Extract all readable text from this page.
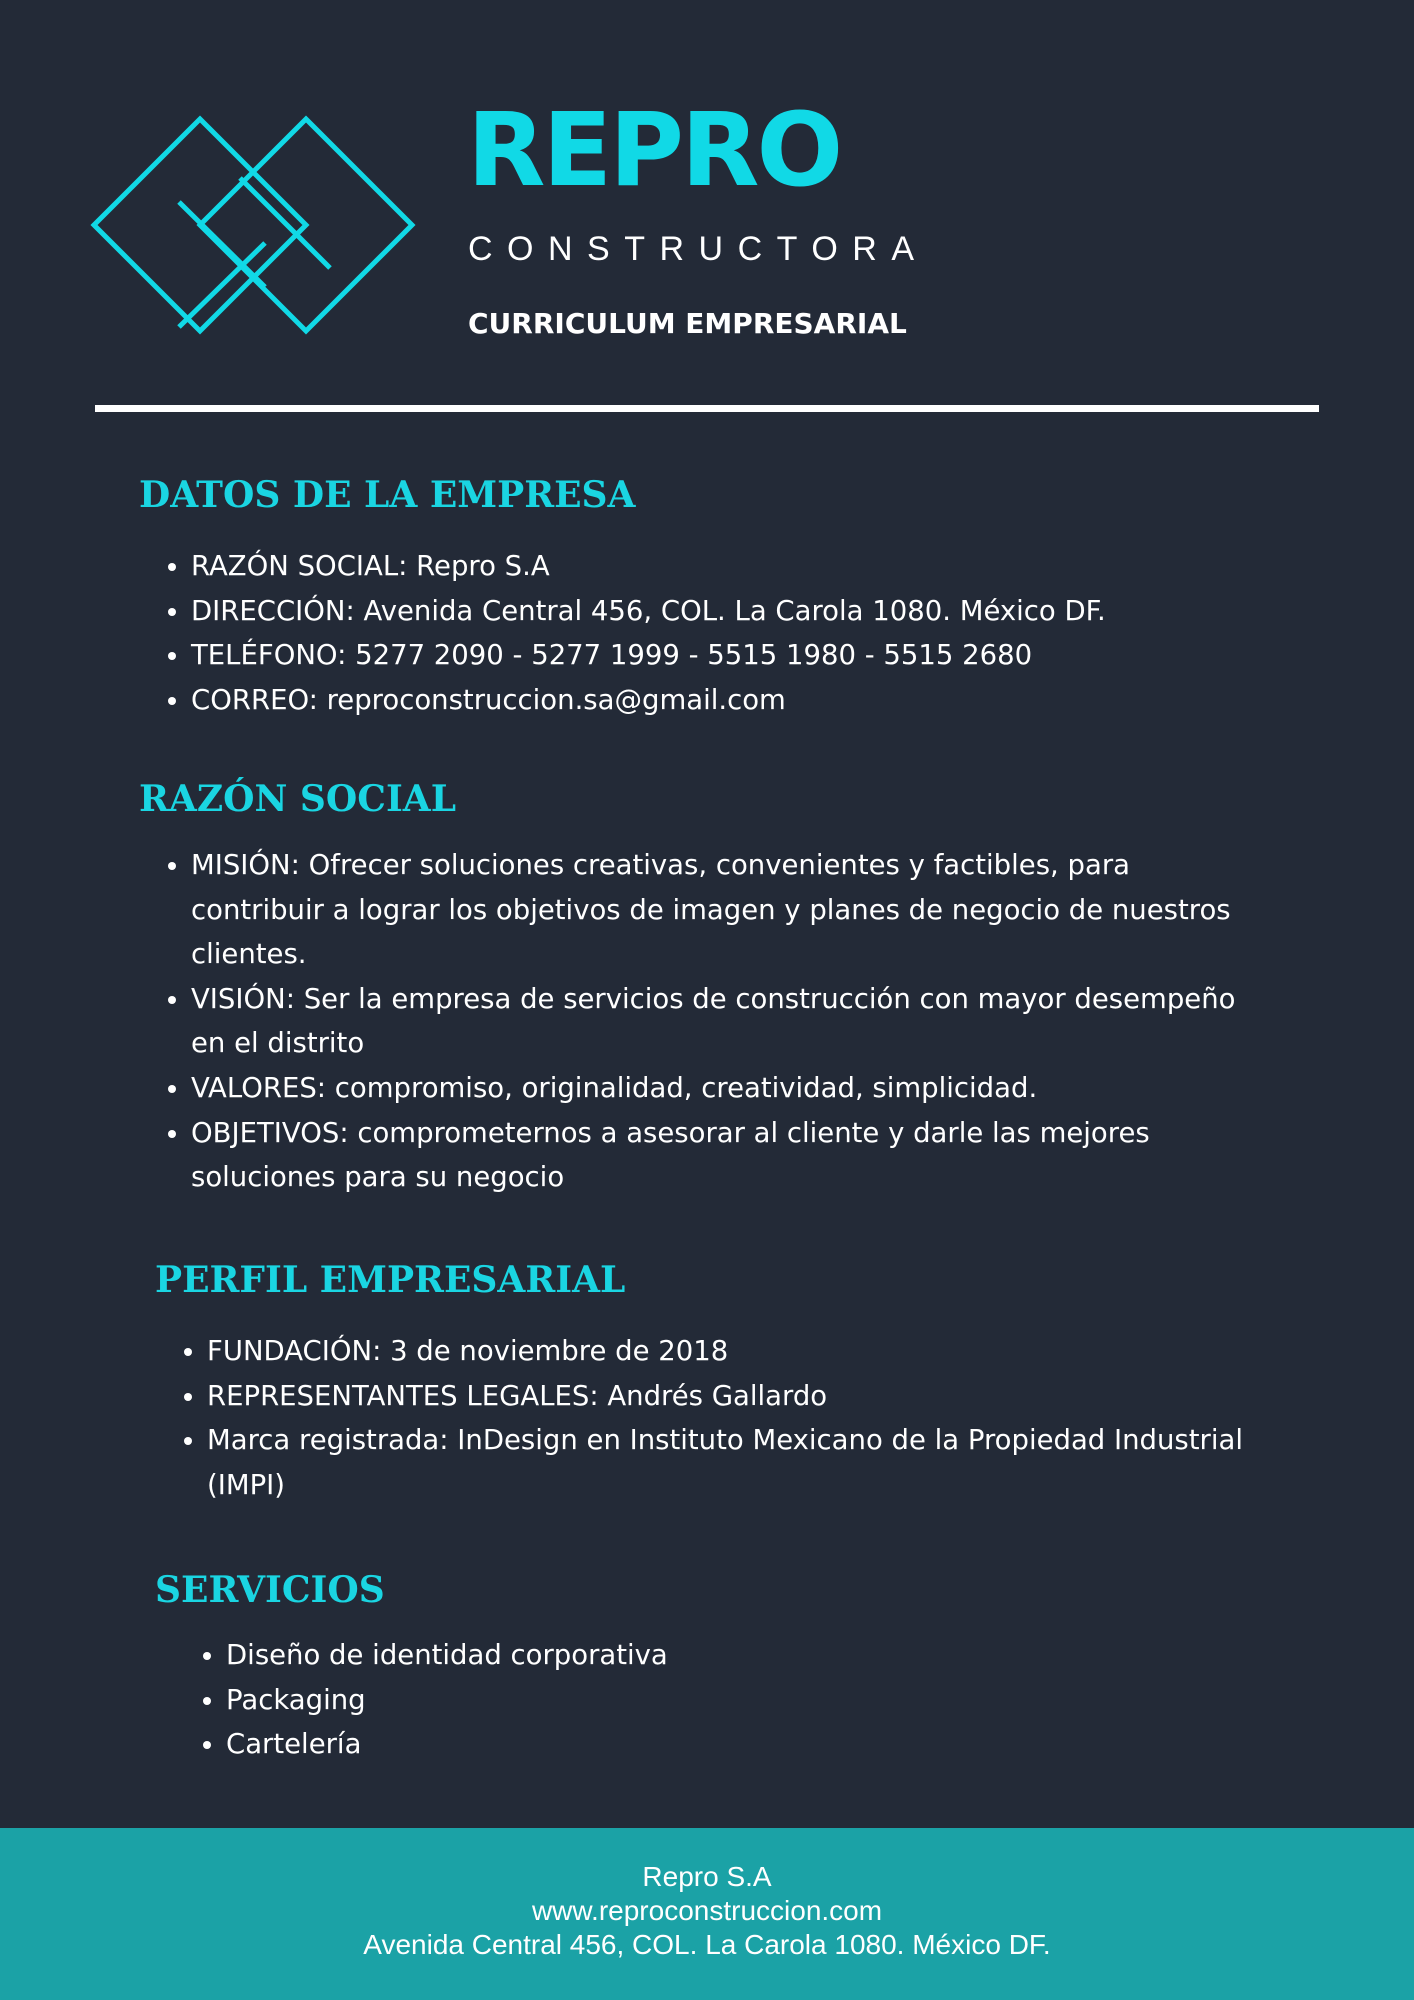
REPRO
CONSTRUCTORA
CURRICULUM EMPRESARIAL
DATOS DE LA EMPRESA
• RAZÓN SOCIAL: Repro S.A
• DIRECCIÓN: Avenida Central 456, COL. La Carola 1080. México DF.
• TELÉFONO: 5277 2090 - 5277 1999 - 5515 1980 - 5515 2680
• CORREO: reproconstruccion.sa@gmail.com
RAZÓN SOCIAL
• MISIÓN: Ofrecer soluciones creativas, convenientes y factibles, para contribuir a lograr los objetivos de imagen y planes de negocio de nuestros clientes.
• VISIÓN: Ser la empresa de servicios de construcción con mayor desempeño en el distrito
• VALORES: compromiso, originalidad, creatividad, simplicidad.
• OBJETIVOS: comprometernos a asesorar al cliente y darle las mejores soluciones para su negocio
PERFIL EMPRESARIAL
• FUNDACIÓN: 3 de noviembre de 2018
• REPRESENTANTES LEGALES: Andrés Gallardo
• Marca registrada: InDesign en Instituto Mexicano de la Propiedad Industrial (IMPI)
SERVICIOS
• Diseño de identidad corporativa
• Packaging
• Cartelería
Repro S.A
www.reproconstruccion.com
Avenida Central 456, COL. La Carola 1080. México DF.
